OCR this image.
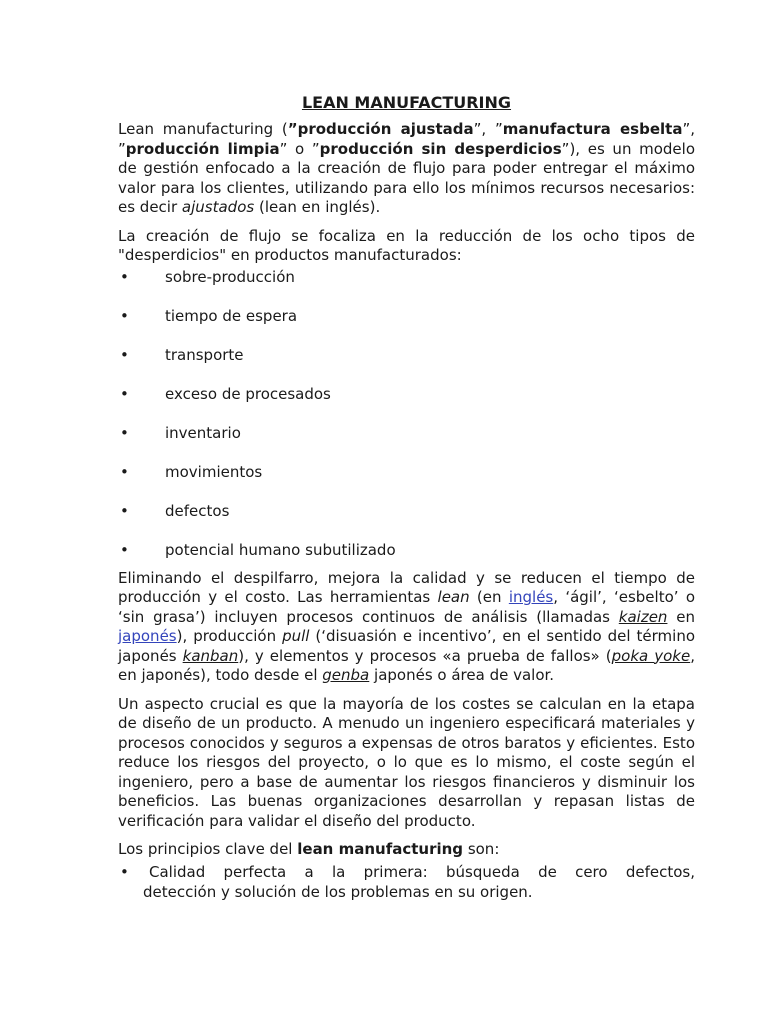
LEAN MANUFACTURING

Lean manufacturing (”producción ajustada”, ”manufactura esbelta”, ”producción limpia” o ”producción sin desperdicios”), es un modelo de gestión enfocado a la creación de flujo para poder entregar el máximo valor para los clientes, utilizando para ello los mínimos recursos necesarios: es decir ajustados (lean en inglés).

La creación de flujo se focaliza en la reducción de los ocho tipos de "desperdicios" en productos manufacturados:

• sobre-producción
• tiempo de espera
• transporte
• exceso de procesados
• inventario
• movimientos
• defectos
• potencial humano subutilizado

Eliminando el despilfarro, mejora la calidad y se reducen el tiempo de producción y el costo. Las herramientas lean (en inglés, ‘ágil’, ‘esbelto’ o ‘sin grasa’) incluyen procesos continuos de análisis (llamadas kaizen en japonés), producción pull (‘disuasión e incentivo’, en el sentido del término japonés kanban), y elementos y procesos «a prueba de fallos» (poka yoke, en japonés), todo desde el genba japonés o área de valor.

Un aspecto crucial es que la mayoría de los costes se calculan en la etapa de diseño de un producto. A menudo un ingeniero especificará materiales y procesos conocidos y seguros a expensas de otros baratos y eficientes. Esto reduce los riesgos del proyecto, o lo que es lo mismo, el coste según el ingeniero, pero a base de aumentar los riesgos financieros y disminuir los beneficios. Las buenas organizaciones desarrollan y repasan listas de verificación para validar el diseño del producto.

Los principios clave del lean manufacturing son:

•	Calidad perfecta a la primera: búsqueda de cero defectos,
detección y solución de los problemas en su origen.
